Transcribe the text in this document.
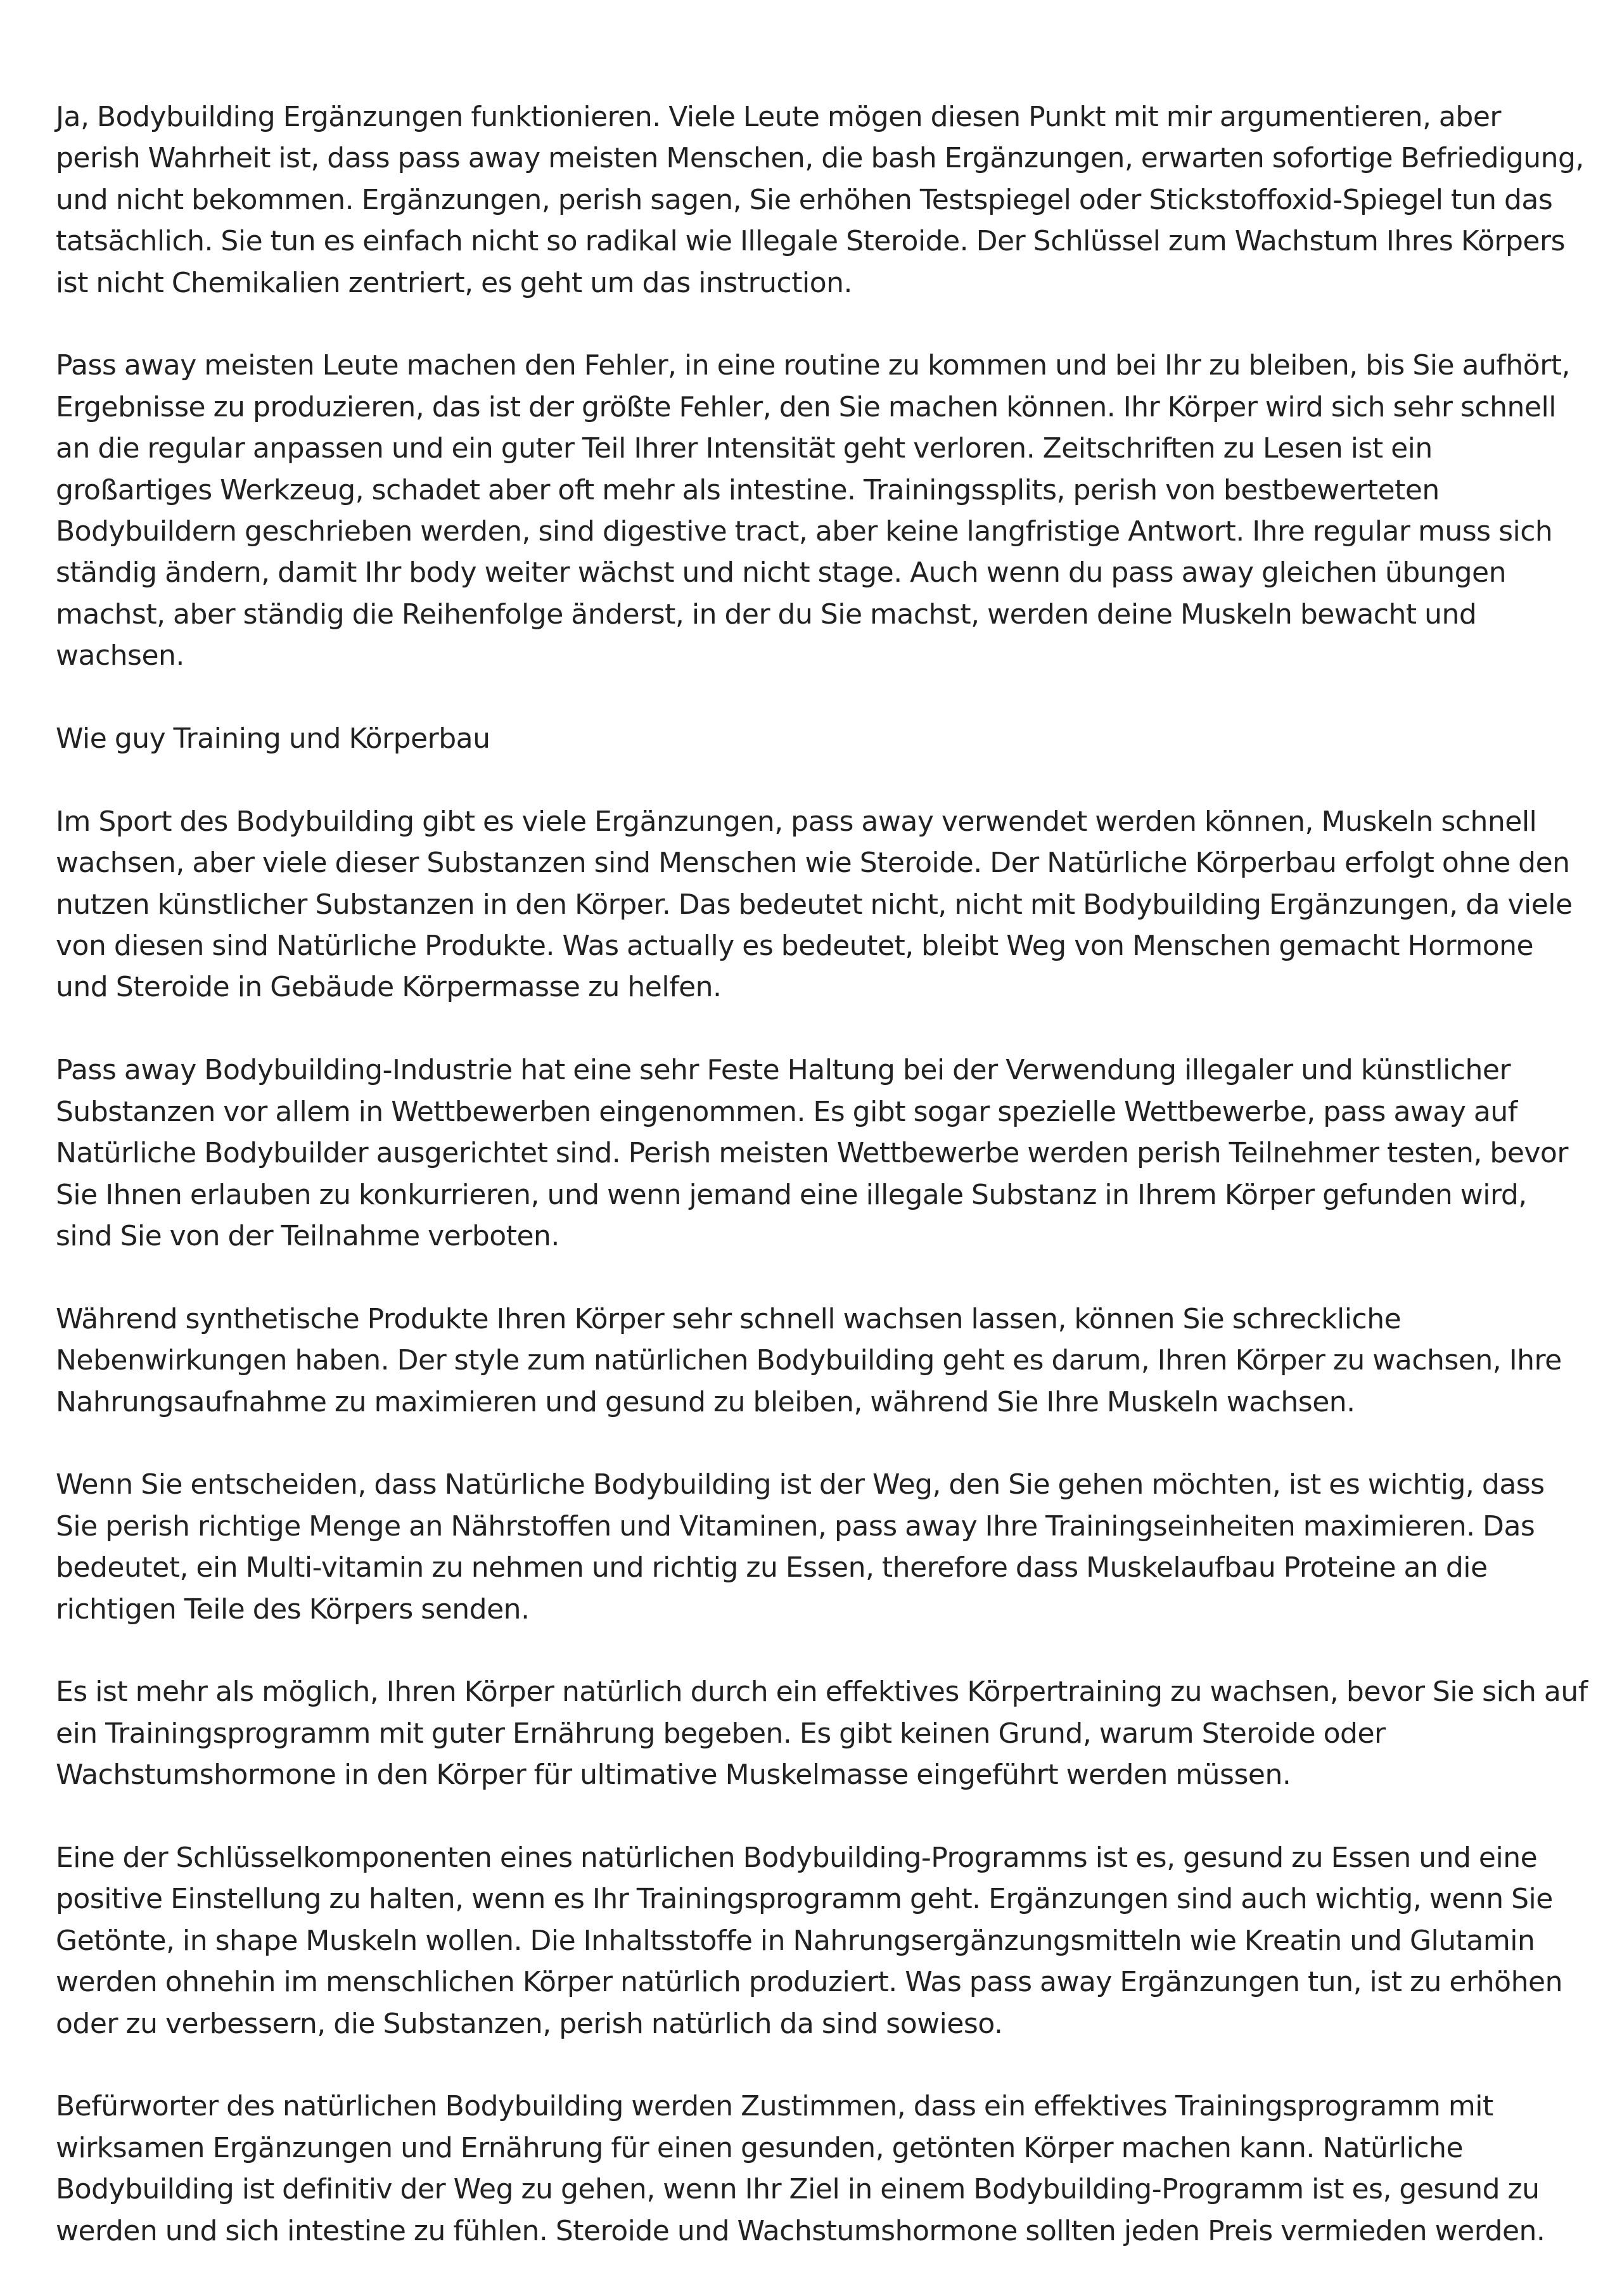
Ja, Bodybuilding Ergänzungen funktionieren. Viele Leute mögen diesen Punkt mit mir argumentieren, aber perish Wahrheit ist, dass pass away meisten Menschen, die bash Ergänzungen, erwarten sofortige Befriedigung, und nicht bekommen. Ergänzungen, perish sagen, Sie erhöhen Testspiegel oder Stickstoffoxid-Spiegel tun das tatsächlich. Sie tun es einfach nicht so radikal wie Illegale Steroide. Der Schlüssel zum Wachstum Ihres Körpers ist nicht Chemikalien zentriert, es geht um das instruction.

Pass away meisten Leute machen den Fehler, in eine routine zu kommen und bei Ihr zu bleiben, bis Sie aufhört, Ergebnisse zu produzieren, das ist der größte Fehler, den Sie machen können. Ihr Körper wird sich sehr schnell an die regular anpassen und ein guter Teil Ihrer Intensität geht verloren. Zeitschriften zu Lesen ist ein großartiges Werkzeug, schadet aber oft mehr als intestine. Trainingssplits, perish von bestbewerteten Bodybuildern geschrieben werden, sind digestive tract, aber keine langfristige Antwort. Ihre regular muss sich ständig ändern, damit Ihr body weiter wächst und nicht stage. Auch wenn du pass away gleichen übungen machst, aber ständig die Reihenfolge änderst, in der du Sie machst, werden deine Muskeln bewacht und wachsen.

Wie guy Training und Körperbau

Im Sport des Bodybuilding gibt es viele Ergänzungen, pass away verwendet werden können, Muskeln schnell wachsen, aber viele dieser Substanzen sind Menschen wie Steroide. Der Natürliche Körperbau erfolgt ohne den nutzen künstlicher Substanzen in den Körper. Das bedeutet nicht, nicht mit Bodybuilding Ergänzungen, da viele von diesen sind Natürliche Produkte. Was actually es bedeutet, bleibt Weg von Menschen gemacht Hormone und Steroide in Gebäude Körpermasse zu helfen.

Pass away Bodybuilding-Industrie hat eine sehr Feste Haltung bei der Verwendung illegaler und künstlicher Substanzen vor allem in Wettbewerben eingenommen. Es gibt sogar spezielle Wettbewerbe, pass away auf Natürliche Bodybuilder ausgerichtet sind. Perish meisten Wettbewerbe werden perish Teilnehmer testen, bevor Sie Ihnen erlauben zu konkurrieren, und wenn jemand eine illegale Substanz in Ihrem Körper gefunden wird, sind Sie von der Teilnahme verboten.

Während synthetische Produkte Ihren Körper sehr schnell wachsen lassen, können Sie schreckliche Nebenwirkungen haben. Der style zum natürlichen Bodybuilding geht es darum, Ihren Körper zu wachsen, Ihre Nahrungsaufnahme zu maximieren und gesund zu bleiben, während Sie Ihre Muskeln wachsen.

Wenn Sie entscheiden, dass Natürliche Bodybuilding ist der Weg, den Sie gehen möchten, ist es wichtig, dass Sie perish richtige Menge an Nährstoffen und Vitaminen, pass away Ihre Trainingseinheiten maximieren. Das bedeutet, ein Multi-vitamin zu nehmen und richtig zu Essen, therefore dass Muskelaufbau Proteine an die richtigen Teile des Körpers senden.

Es ist mehr als möglich, Ihren Körper natürlich durch ein effektives Körpertraining zu wachsen, bevor Sie sich auf ein Trainingsprogramm mit guter Ernährung begeben. Es gibt keinen Grund, warum Steroide oder Wachstumshormone in den Körper für ultimative Muskelmasse eingeführt werden müssen.

Eine der Schlüsselkomponenten eines natürlichen Bodybuilding-Programms ist es, gesund zu Essen und eine positive Einstellung zu halten, wenn es Ihr Trainingsprogramm geht. Ergänzungen sind auch wichtig, wenn Sie Getönte, in shape Muskeln wollen. Die Inhaltsstoffe in Nahrungsergänzungsmitteln wie Kreatin und Glutamin werden ohnehin im menschlichen Körper natürlich produziert. Was pass away Ergänzungen tun, ist zu erhöhen oder zu verbessern, die Substanzen, perish natürlich da sind sowieso.

Befürworter des natürlichen Bodybuilding werden Zustimmen, dass ein effektives Trainingsprogramm mit wirksamen Ergänzungen und Ernährung für einen gesunden, getönten Körper machen kann. Natürliche Bodybuilding ist definitiv der Weg zu gehen, wenn Ihr Ziel in einem Bodybuilding-Programm ist es, gesund zu werden und sich intestine zu fühlen. Steroide und Wachstumshormone sollten jeden Preis vermieden werden.
